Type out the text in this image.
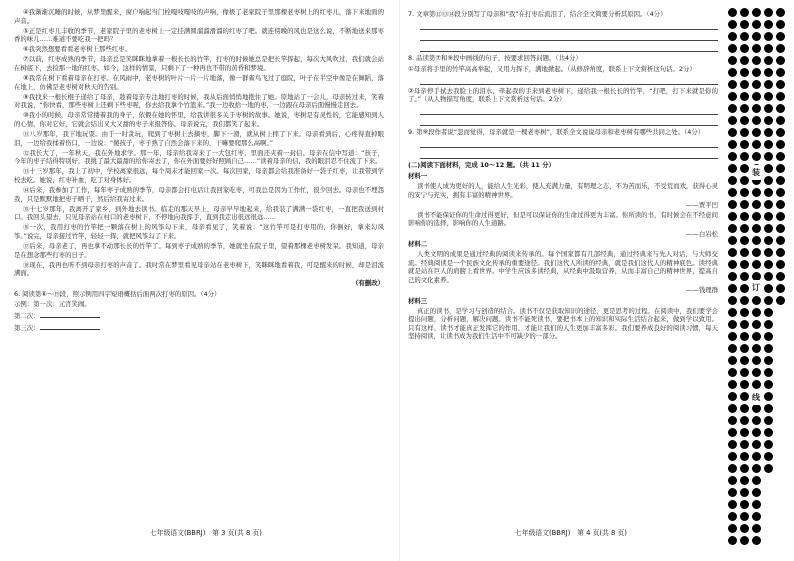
④我渐渐沉睡的时候，从梦里醒来，窗户响起当门栓嘎吱嘎吱的声响，像极了老家院子里那棵老枣树上的红枣儿，落下来地面的声音。

⑤正是红枣儿丰收的季节，老家院子里的老枣树上一定挂满圆溜溜滑溜的红枣了吧。就连傍晚的风也是这么说，不断地送来那枣香的味儿……难道不要吃我一把吗？

⑥我突然想要看看老枣树上那些红枣。

⑦以前，红枣成熟的季节，母亲总是笑眯眯地拿着一根长长的竹竿，打枣的时候她总是把长竿挥起，每次大风吹过，我们就会站在树底下，去捡那一地的红枣。如今，这样的情景，只剩下了一种再也不带的黄昏和梦境。

⑧我常在树下看着母亲在打枣。在风雨中，老枣树的叶片一片一片地落，像一群雀鸟飞过了庭院，叶子在半空中像是在舞蹈，落在地上，仿佛是老枣树对秋天的告别。

⑨我找来一根长棍子递给了母亲，趁着母亲专注地打枣的时候，我从后面悄悄地抱住了她。原地站了一会儿，母亲转过来，笑着对我说，“你快看，那些枣树上还剩下些枣呢，你去给我拿个竹篮来。”我一边收拾一地的枣，一边跟在母亲后面慢慢走回去。

⑩我小的时候，母亲常常搂着我的身子，依偎在她的怀里，给我讲很多关于枣树的故事。她说，枣树是有灵性的，它能感知到人的心情，你对它好，它就会结出又大又甜的枣子来报答你。母亲说完，我们都笑了起来。

⑪八岁那年，我下地玩耍。由于一时贪玩，爬到了枣树上去摘枣，脚下一滑，就从树上摔了下来。母亲看到后，心疼得直掉眼泪，一边给我揉着伤口，一边说：“傻孩子，枣子熟了自然会落下来的，干嘛要爬那么高啊。”

⑫我长大了，一年秋天，我在外地求学。那一年，母亲给我寄来了一大包红枣，里面还夹着一封信。母亲在信中写道：“孩子，今年的枣子结得特别好，我挑了最大最甜的给你寄去了，你在外面要好好照顾自己……”读着母亲的信，我的眼泪忍不住流了下来。

⑬十三岁那年，我上了初中，学校离家很远，每个周末才能回家一次。每次回家，母亲都会给我准备好一袋子红枣，让我带到学校去吃。她说，红枣补血，吃了对身体好。

⑭后来，我参加了工作，每年枣子成熟的季节，母亲都会打电话让我回家吃枣，可我总是因为工作忙，很少回去。母亲也不埋怨我，只是默默地把枣子晒干，然后给我寄过来。

⑮十七岁那年，我离开了家乡，到外地去读书。临走的那天早上，母亲早早地起来，给我装了满满一袋红枣，一直把我送到村口。我回头望去，只见母亲站在村口的老枣树下，不停地向我挥手，直到我走出很远很远……

⑯一次，我用打枣的竹竿把一颗落在树上的风筝勾下来，母亲看见了，笑着说：“这竹竿可是打枣用的，你倒好，拿来勾风筝。”说完，母亲接过竹竿，轻轻一挥，就把风筝勾了下来。

⑰后来，母亲老了，再也拿不动那长长的竹竿了。每到枣子成熟的季节，她就坐在院子里，望着那棵老枣树发呆。我知道，母亲是在想念那些打枣的日子。

⑱现在，我再也听不到母亲打枣的声音了。我时常在梦里看见母亲站在老枣树下，笑眯眯地看着我，可是醒来的时候，却是泪流满面。

（有删改）

6. 阅读第⑥～⑲段，照示例用四字短语概括后面两次打枣的原因。（4分）

示例：第一次：元宵笑闹。

第二次：

第三次：

七年级语文(BBRJ)　第 3 页(共 8 页)

7. 文章第⑫⑬⑭段分别写了母亲和“我”在打枣后流泪了，结合全文简要分析其原因。（4分）

8. 品读第⑦和⑨段中画线的句子，按要求回答问题。（共4分）

①母亲将手里的竹竿高高举起，又用力挥下，满地掀起。（从修辞角度，联系上下文赏析这句话。2分）

②母亲停手拭去我脸上的泪水，牵起我的手来到老枣树下，递给我一根长长的竹竿，“打吧，打下来就是你的了。”（从人物描写角度，联系上下文赏析这句话。2分）

9. 第⑨段作者说“忽而觉得，母亲就是一棵老枣树”，联系全文说说母亲和老枣树有哪些共同之处。（4分）

(二)阅读下面材料，完成 10～12 题。（共 11 分）

材料一

读书使人成为更好的人，能给人生光彩，使人充满力量，有明理之志，不为苦而乐，不受荒而欢，获得心灵的安宁与充实，拥有丰富的精神世界。

——贾平凹

读书不能保证你的生命过得更好，但是可以保证你的生命过得更为丰富。你所读的书，有时候会在不经意间影响你的选择，影响你的人生道路。

——白岩松

材料二

人类文明的成果是通过经典的阅读来传承的。每个国家都有几部经典，通过经典来与先人对话，与大师交流。经典阅读是一个民族文化传承的重要途径。我们这代人所读的经典，就是我们这代人的精神底色。读经典就是站在巨人的肩膀上看世界。中学生应该多读经典，从经典中汲取营养，从而丰富自己的精神世界，提高自己的文化素养。

——钱理群

材料三

真正的读书，是学习与创造的结合。读书不仅是获取知识的途径，更是思考的过程。在阅读中，我们要学会提出问题，分析问题，解决问题。读书不能死读书，要把书本上的知识和实际生活结合起来，做到学以致用。只有这样，读书才能真正发挥它的作用，才能让我们的人生更加丰富多彩。我们要养成良好的阅读习惯，每天坚持阅读，让读书成为我们生活中不可缺少的一部分。

七年级语文(BBRJ)　第 4 页(共 8 页)
装
订
线
